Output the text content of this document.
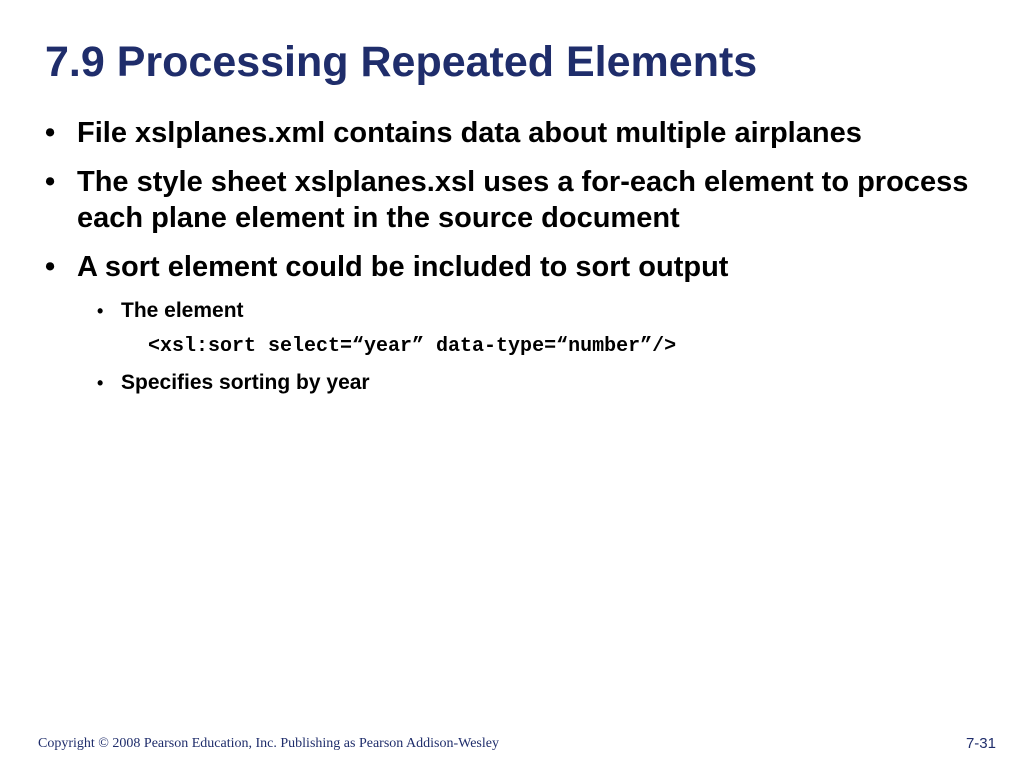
7.9 Processing Repeated Elements
• File xslplanes.xml contains data about multiple airplanes
• The style sheet xslplanes.xsl uses a for-each element to process each plane element in the source document
• A sort element could be included to sort output
• The element
<xsl:sort select=“year” data-type=“number”/>
• Specifies sorting by year
Copyright © 2008 Pearson Education, Inc. Publishing as Pearson Addison-Wesley	7-31
